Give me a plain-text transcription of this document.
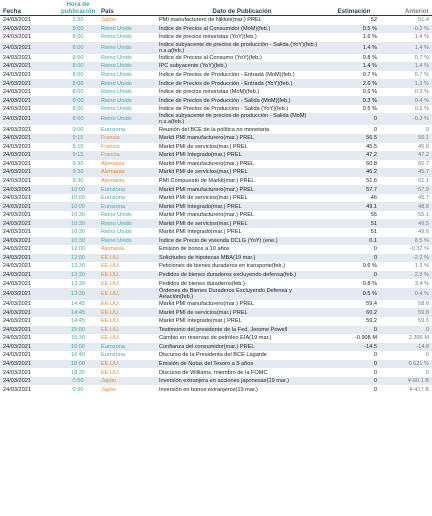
Fecha	Hora de publicación	País	Dato de Publicación	Estimación	Anterior
24/03/2021	1:30	Japón	PMI manufacturero de Nikkei(mar.) PREL	52	51.4
24/03/2021	8:00	Reino Unido	Índice de Precios al Consumidor (MoM)(feb.)	0.5 %	-0.2 %
24/03/2021	8:00	Reino Unido	Índice de precios minoristas (YoY)(feb.)	1.6 %	1.4 %
24/03/2021	8:00	Reino Unido	Índice subyacente de precios de producción - Salida (YoY)(feb.) n.s.a(feb.)	1.4 %	1.4 %
24/03/2021	8:00	Reino Unido	Índice de Precios al Consumo (YoY)(feb.)	0.8 %	0.7 %
24/03/2021	8:00	Reino Unido	IPC subyacente (YoY)(feb.)	1.4 %	1.4 %
24/03/2021	8:00	Reino Unido	Índice de Precios de Producción - Entrada (MoM)(feb.)	0.7 %	0.7 %
24/03/2021	8:00	Reino Unido	Índice de Precios de Producción - Entrada (YoY)(feb.)	2.6 %	1.3 %
24/03/2021	8:00	Reino Unido	Índice de precios minoristas (MoM)(feb.)	0.6 %	-0.3 %
24/03/2021	8:00	Reino Unido	Índice de Precios de Producción - Salida (MoM)(feb.)	0.3 %	0.4 %
24/03/2021	8:00	Reino Unido	Índice de Precios de Producción - Salida (YoY)(feb.)	0.5 %	0.2 %
24/03/2021	8:00	Reino Unido	Índice subyacente de precios de producción - Salida (MoM) n.s.a(feb.)	0	-0.3 %
24/03/2021	9:00	Eurozona	Reunión del BCE de la política no monetaria	0	0
24/03/2021	9:15	Francia	Markit PMI manufacturero(mar.) PREL	56.5	56.1
24/03/2021	9:15	Francia	Markit PMI de servicios(mar.) PREL	45.5	45.6
24/03/2021	9:15	Francia	Markit PMI Integrado(mar.) PREL	47.2	47.2
24/03/2021	9:30	Alemania	Markit PMI manufacturero(mar.) PREL	60.8	60.7
24/03/2021	9:30	Alemania	Markit PMI de servicios(mar.) PREL	46.2	45.7
24/03/2021	9:30	Alemania	PMI Compuesto de Markit(mar.) PREL	51.6	51.1
24/03/2021	10:00	Eurozona	Markit PMI manufacturero(mar.) PREL	57.7	57.9
24/03/2021	10:00	Eurozona	Markit PMI de servicios(mar.) PREL	46	45.7
24/03/2021	10:00	Eurozona	Markit PMI Integrado(mar.) PREL	49.1	48.8
24/03/2021	10:30	Reino Unido	Markit PMI manufacturero(mar.) PREL	55	55.1
24/03/2021	10:30	Reino Unido	Markit PMI de servicios(mar.) PREL	51	49.5
24/03/2021	10:30	Reino Unido	Markit PMI Integrado(mar.) PREL	51	49.6
24/03/2021	10:30	Reino Unido	Índice de Precio de vivienda DCLG (YoY) (ene.)	0.1	8.5 %
24/03/2021	12:00	Alemania	Emisión de bonos a 10 años	0	-0.32 %
24/03/2021	12:00	EE.UU.	Solicitudes de hipotecas MBA(19 mar.)	0	-2.2 %
24/03/2021	13:30	EE.UU.	Peticiones de bienes duraderos en transporte(feb.)	0.6 %	1.3 %
24/03/2021	13:30	EE.UU.	Pedidos de bienes duraderos excluyendo defensa(feb.)	0	2.3 %
24/03/2021	13:30	EE.UU.	Pedidos de bienes duraderos(feb.)	0.8 %	3.4 %
24/03/2021	13:30	EE.UU.	Órdenes de Bienes Duraderos Excluyendo Defensa y Aviación(feb.)	0.5 %	0.4 %
24/03/2021	14:45	EE.UU.	Markit PMI manufacturero(mar.) PREL	59.4	58.6
24/03/2021	14:45	EE.UU.	Markit PMI de servicios(mar.) PREL	60.2	59.8
24/03/2021	14:45	EE.UU.	Markit PMI Integrado(mar.) PREL	59.2	59.5
24/03/2021	15:00	EE.UU.	Testimonio del presidente de la Fed, Jerome Powell	0	0
24/03/2021	15:30	EE.UU.	Cambio en reservas de petróleo EIA(19 mar.)	-0.908 M	2.396 M
24/03/2021	16:00	Eurozona	Confianza del consumidor(mar.) PREL	-14.5	-14.8
24/03/2021	16:40	Eurozona	Discurso de la Presidenta del BCE Lagarde	0	0
24/03/2021	18:00	EE.UU.	Emisión de Notas del Tesoro a 5 años	0	0.621 %
24/03/2021	18:35	EE.UU.	Discurso de Williams, miembro de la FOMC	0	0
24/03/2021	0:50	Japón	Inversión extranjera en acciones japonesas(19 mar.)	0	¥-60.1 B
24/03/2021	0:50	Japón	Inversión en bonos extranjeros(19 mar.)	0	¥-417 B
